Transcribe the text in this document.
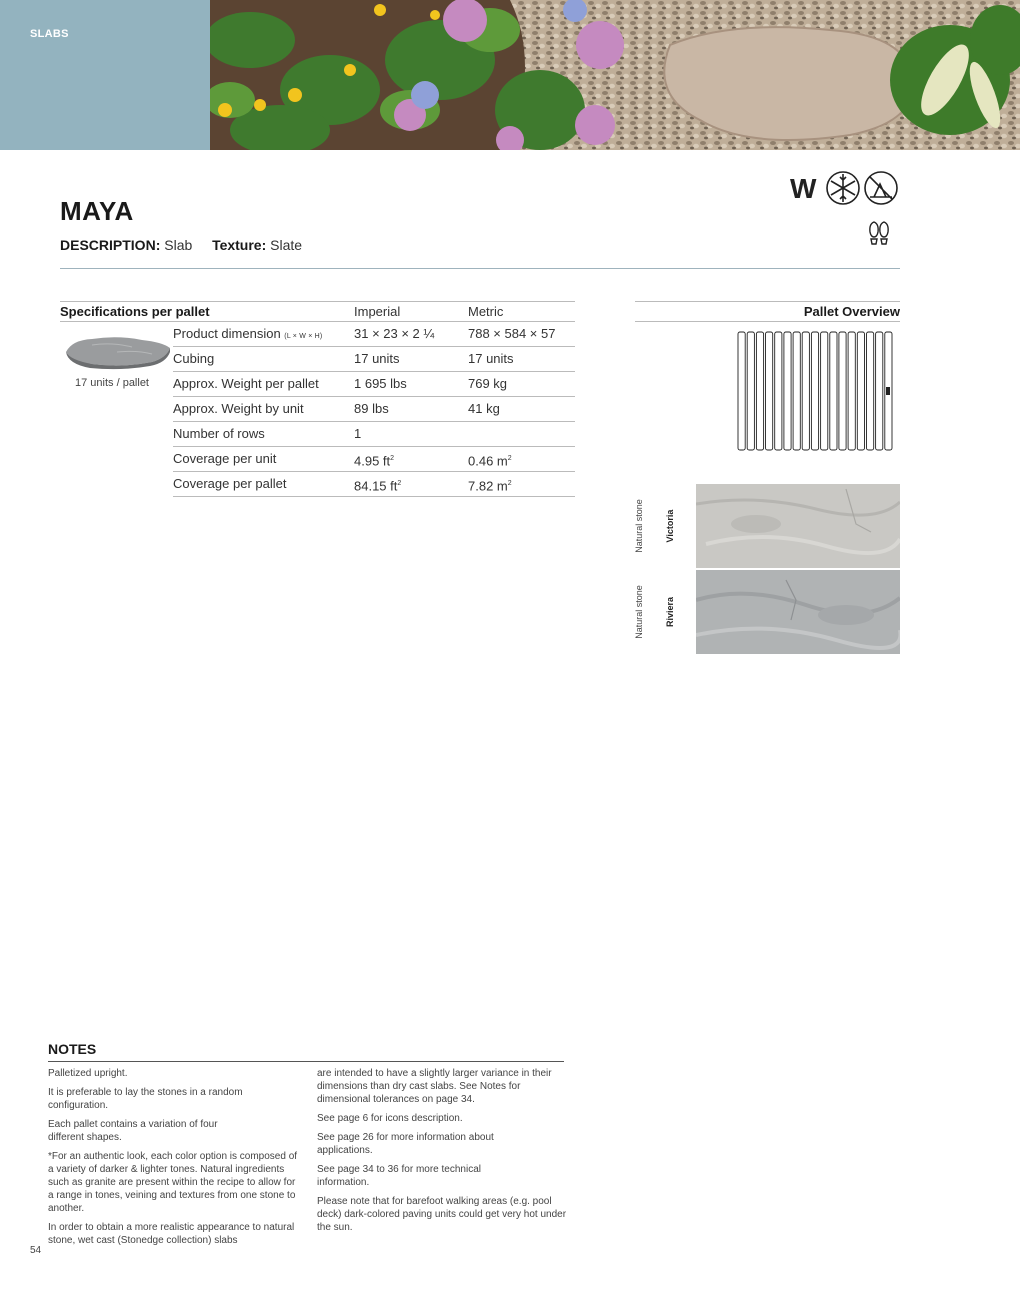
SLABS
MAYA
DESCRIPTION: Slab Texture: Slate
W
Specifications per pallet	Imperial	Metric
17 units / pallet
Product dimension (L × W × H) 31 × 23 × 2 ¼	788 × 584 × 57
Cubing	17 units	17 units
Approx. Weight per pallet	1 695 lbs	769 kg
Approx. Weight by unit	89 lbs	41 kg
Number of rows	1
Coverage per unit	4.95 $ft^2$	0.46 $m^2$
Coverage per pallet	84.15 $ft^2$	7.82 $m^2$
Pallet Overview
Natural stone	Victoria
Natural stone	Riviera
NOTES

Palletized upright.

It is preferable to lay the stones in a random configuration.

Each pallet contains a variation of four different shapes.

*For an authentic look, each color option is composed of a variety of darker & lighter tones. Natural ingredients such as granite are present within the recipe to allow for a range in tones, veining and textures from one stone to another.

In order to obtain a more realistic appearance to natural stone, wet cast (Stonedge collection) slabs

are intended to have a slightly larger variance in their dimensions than dry cast slabs. See Notes for dimensional tolerances on page 34.

See page 6 for icons description.

See page 26 for more information about applications.

See page 34 to 36 for more technical information.

Please note that for barefoot walking areas (e.g. pool deck) dark-colored paving units could get very hot under the sun.

54
